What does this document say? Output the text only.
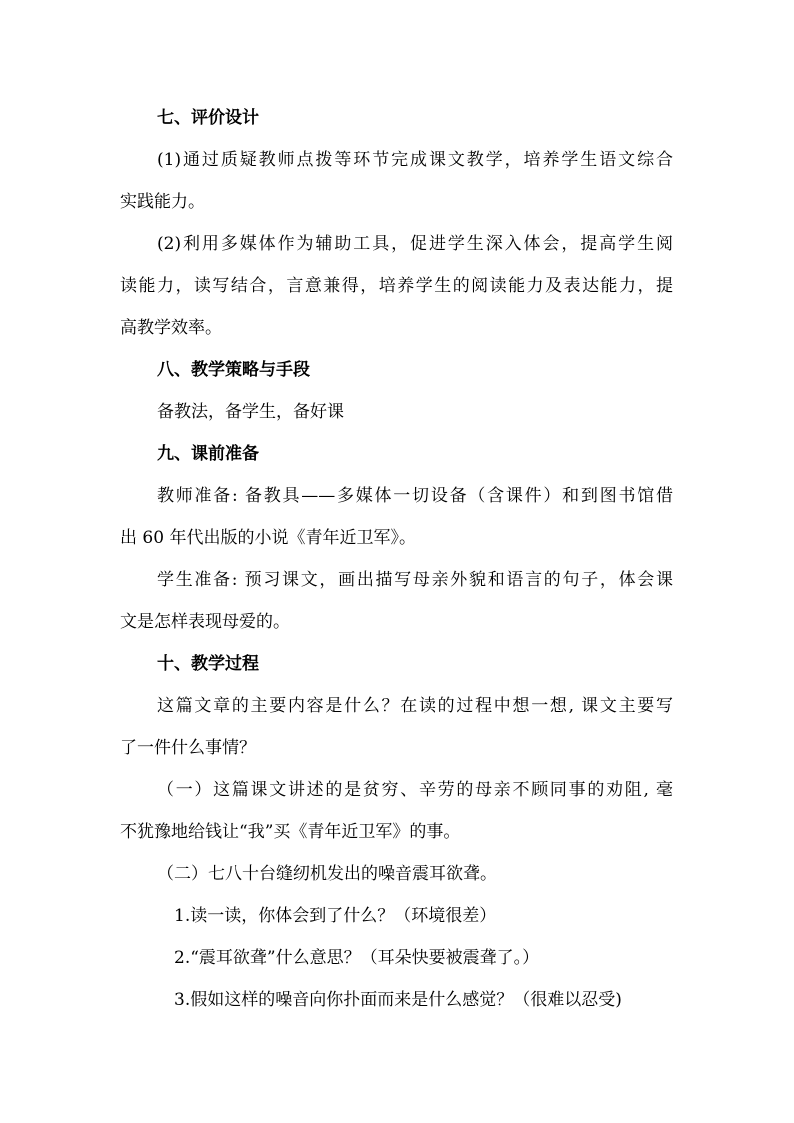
七、评价设计
(1)通过质疑教师点拨等环节完成课文教学，培养学生语文综合
实践能力。
(2)利用多媒体作为辅助工具，促进学生深入体会，提高学生阅
读能力，读写结合，言意兼得，培养学生的阅读能力及表达能力，提
高教学效率。
八、教学策略与手段
备教法，备学生，备好课
九、课前准备
教师准备: 备教具——多媒体一切设备（含课件）和到图书馆借
出 60 年代出版的小说《青年近卫军》。
学生准备: 预习课文，画出描写母亲外貌和语言的句子，体会课
文是怎样表现母爱的。
十、教学过程
这篇文章的主要内容是什么？在读的过程中想一想, 课文主要写
了一件什么事情？
（一）这篇课文讲述的是贫穷、辛劳的母亲不顾同事的劝阻, 毫
不犹豫地给钱让“我”买《青年近卫军》的事。
（二）七八十台缝纫机发出的噪音震耳欲聋。
1.读一读，你体会到了什么？（环境很差）
2.“震耳欲聋”什么意思？（耳朵快要被震聋了。）
3.假如这样的噪音向你扑面而来是什么感觉？（很难以忍受)
